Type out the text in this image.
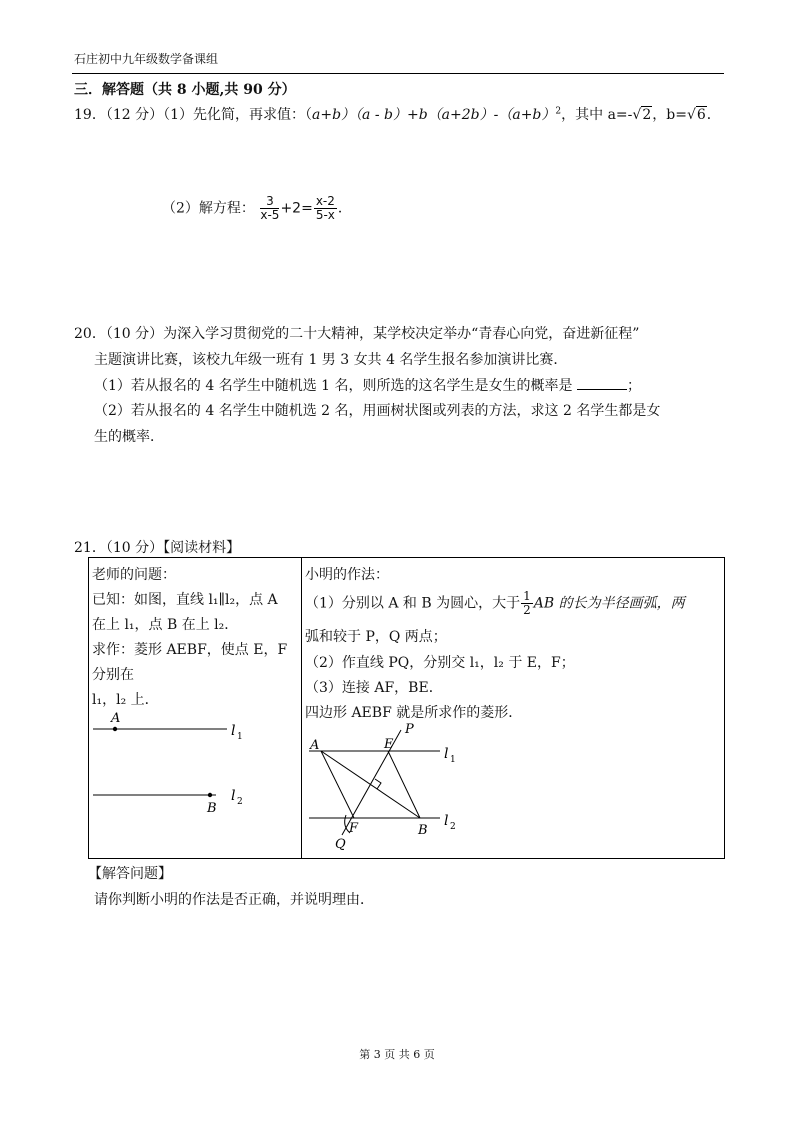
石庄初中九年级数学备课组
三．解答题（共 8 小题,共 90 分）
19．（12 分）（1）先化简，再求值：$(a+b)(a - b)+b(a+2b)-(a+b)^2$，其中 a=-√2，b=√6．
（2）解方程： $\frac{3}{x-5} +2= \frac{x-2}{5-x}$ ．
20．（10 分）为深入学习贯彻党的二十大精神，某学校决定举办“青春心向党，奋进新征程”
主题演讲比赛，该校九年级一班有 1 男 3 女共 4 名学生报名参加演讲比赛．
（1）若从报名的 4 名学生中随机选 1 名，则所选的这名学生是女生的概率是	；
（2）若从报名的 4 名学生中随机选 2 名，用画树状图或列表的方法，求这 2 名学生都是女
生的概率．
21．（10 分）【阅读材料】
老师的问题：
已知：如图，直线 l₁∥l₂，点 A
在上 l₁，点 B 在上 l₂．
求作：菱形 AEBF，使点 E，F
分别在
l₁，l₂ 上．
A
l 1
B
l 2

小明的作法：
（1）分别以 A 和 B 为圆心，大于 $\frac{1}{2}$ AB 的长为半径画弧，两
弧和较于 P，Q 两点；
（2）作直线 PQ，分别交 l₁，l₂ 于 E，F；
（3）连接 AF，BE．
四边形 AEBF 就是所求作的菱形．
A	E
P
F	B
Q
l 1
l 2
【解答问题】
请你判断小明的作法是否正确，并说明理由．
第 3 页 共 6 页
